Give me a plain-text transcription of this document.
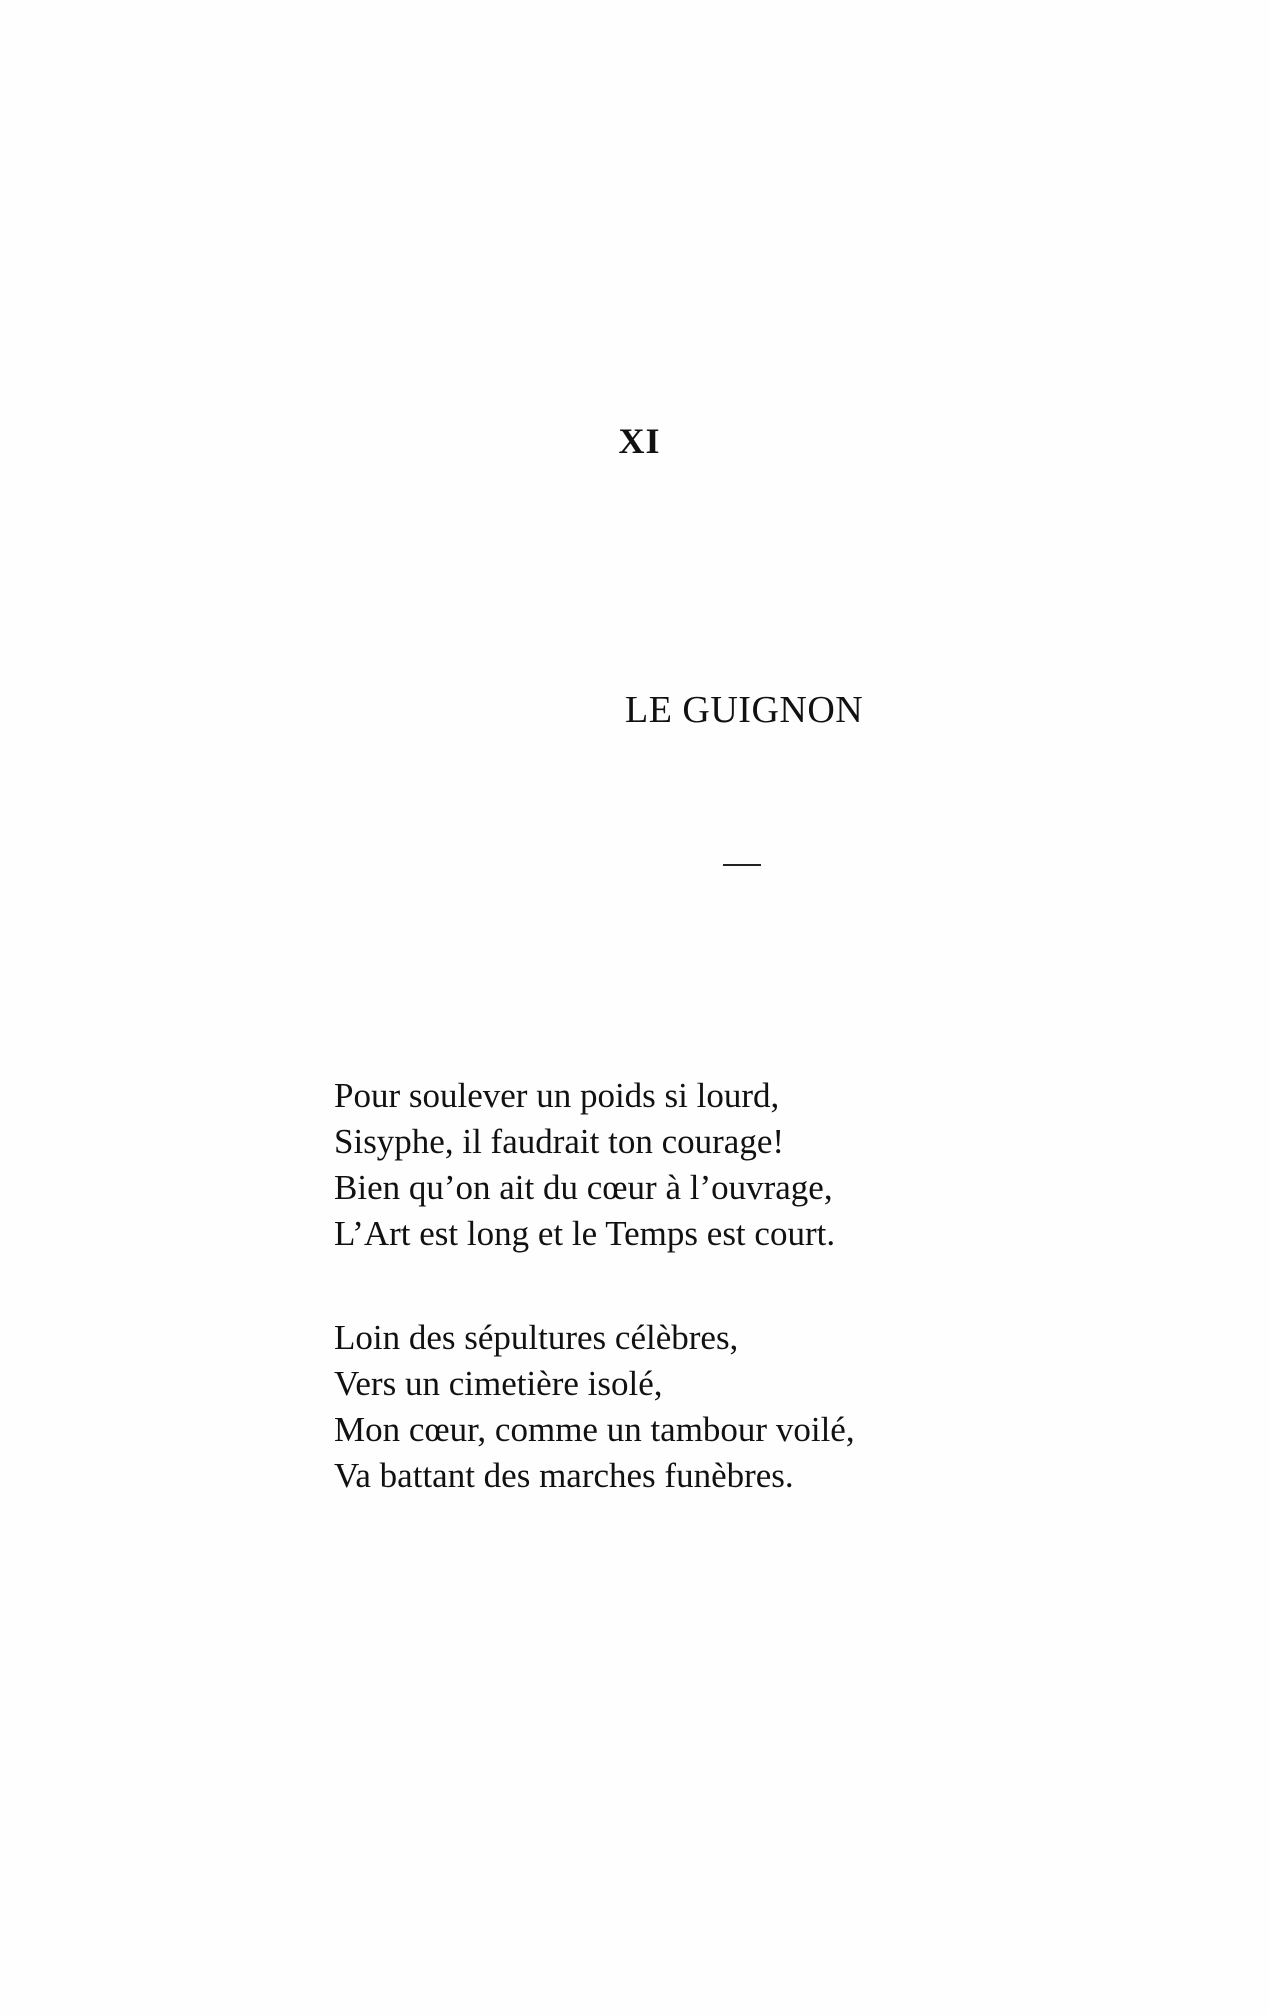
XI
LE GUIGNON
Pour soulever un poids si lourd,
Sisyphe, il faudrait ton courage!
Bien qu’on ait du cœur à l’ouvrage,
L’Art est long et le Temps est court.
Loin des sépultures célèbres,
Vers un cimetière isolé,
Mon cœur, comme un tambour voilé,
Va battant des marches funèbres.
